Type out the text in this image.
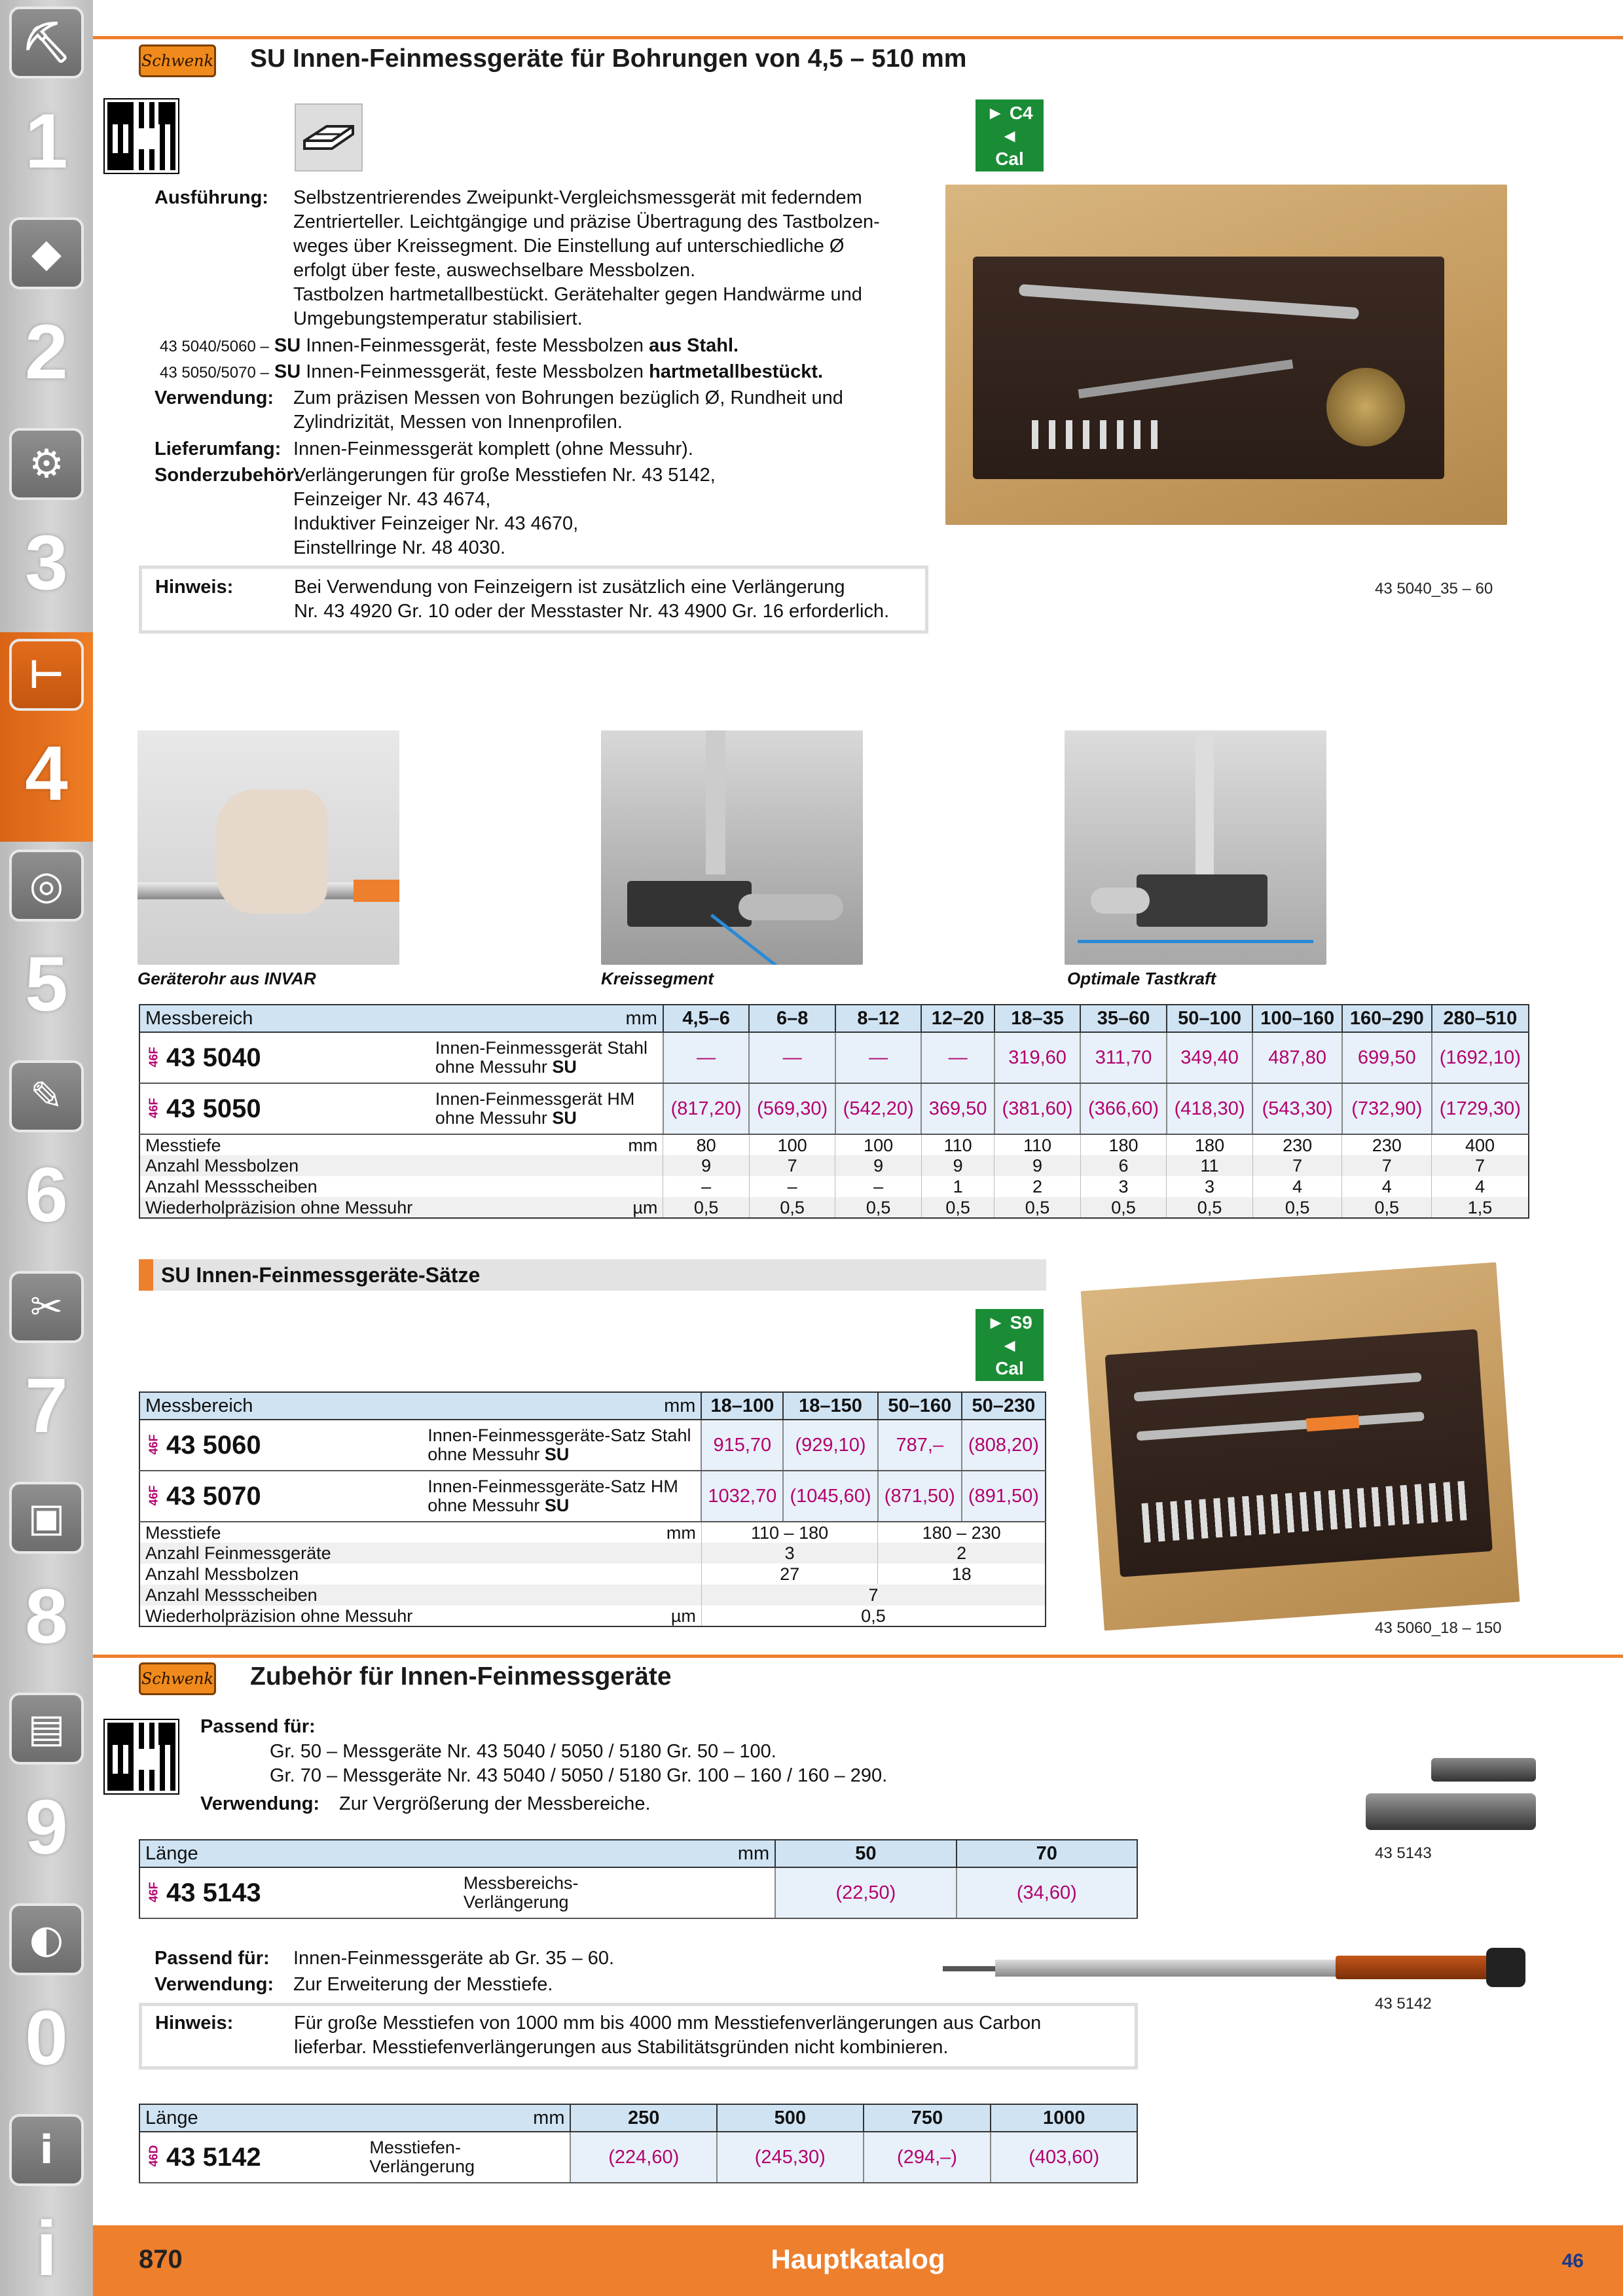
⛏
1
◆
2
⚙
3
⊢
4
◎
5
✎
6
✂
7
▣
8
▤
9
◐
0
i
i
Schwenk SU Innen-Feinmessgeräte für Bohrungen von 4,5 – 510 mm
► C4 ◄
Cal
Ausführung: Selbstzentrierendes Zweipunkt-Vergleichsmessgerät mit federndem
Zentrierteller. Leichtgängige und präzise Übertragung des Tastbolzen-
weges über Kreissegment. Die Einstellung auf unterschiedliche Ø
erfolgt über feste, auswechselbare Messbolzen.
Tastbolzen hartmetallbestückt. Gerätehalter gegen Handwärme und
Umgebungstemperatur stabilisiert.
43 5040/5060 – SU Innen-Feinmessgerät, feste Messbolzen aus Stahl.
43 5050/5070 – SU Innen-Feinmessgerät, feste Messbolzen hartmetallbestückt.
Verwendung: Zum präzisen Messen von Bohrungen bezüglich Ø, Rundheit und
Zylindrizität, Messen von Innenprofilen.
Lieferumfang: Innen-Feinmessgerät komplett (ohne Messuhr).
Sonderzubehör:
Verlängerungen für große Messtiefen Nr. 43 5142,
Feinzeiger Nr. 43 4674,
Induktiver Feinzeiger Nr. 43 4670,
Einstellringe Nr. 48 4030.
Hinweis:	Bei Verwendung von Feinzeigern ist zusätzlich eine Verlängerung
Nr. 43 4920 Gr. 10 oder der Messtaster Nr. 43 4900 Gr. 16 erforderlich.
43 5040_35 – 60
Geräterohr aus INVAR	Kreissegment	Optimale Tastkraft
Messbereich	mm	4,5–6	6–8	8–12	12–20	18–35	35–60	50–100	100–160	160–290	280–510
46F 43 5040	Innen-Feinmessgerät Stahl
ohne Messuhr SU	—	—	—	—	319,60	311,70	349,40	487,80	699,50	(1692,10)
46F 43 5050	Innen-Feinmessgerät HM
ohne Messuhr SU	(817,20)	(569,30)	(542,20)	369,50	(381,60)	(366,60)	(418,30)	(543,30)	(732,90)	(1729,30)
Messtiefe	mm	80	100	100	110	110	180	180	230	230	400
Anzahl Messbolzen		9	7	9	9	9	6	11	7	7	7
Anzahl Messscheiben		–	–	–	1	2	3	3	4	4	4
Wiederholpräzision ohne Messuhr	µm	0,5	0,5	0,5	0,5	0,5	0,5	0,5	0,5	0,5	1,5
SU Innen-Feinmessgeräte-Sätze
► S9 ◄
Cal
43 5060_18 – 150
Messbereich	mm	18–100	18–150	50–160	50–230
46F 43 5060	Innen-Feinmessgeräte-Satz Stahl
ohne Messuhr SU	915,70	(929,10)	787,–	(808,20)
46F 43 5070	Innen-Feinmessgeräte-Satz HM
ohne Messuhr SU	1032,70	(1045,60)	(871,50)	(891,50)
Messtiefe	mm	110 – 180		180 – 230	
Anzahl Feinmessgeräte		3		2	
Anzahl Messbolzen		27		18	
Anzahl Messscheiben		7			
Wiederholpräzision ohne Messuhr	µm	0,5			
Schwenk Zubehör für Innen-Feinmessgeräte
Passend für:
Gr. 50 – Messgeräte Nr. 43 5040 / 5050 / 5180 Gr. 50 – 100.
Gr. 70 – Messgeräte Nr. 43 5040 / 5050 / 5180 Gr. 100 – 160 / 160 – 290.
Verwendung: Zur Vergrößerung der Messbereiche.
43 5143
Länge	mm	50	70
46F 43 5143	Messbereichs-
Verlängerung	(22,50)	(34,60)
Passend für: Innen-Feinmessgeräte ab Gr. 35 – 60.
Verwendung: Zur Erweiterung der Messtiefe.
43 5142
Hinweis:	Für große Messtiefen von 1000 mm bis 4000 mm Messtiefenverlängerungen aus Carbon
lieferbar. Messtiefenverlängerungen aus Stabilitätsgründen nicht kombinieren.
Länge	mm	250	500	750	1000
46D 43 5142	Messtiefen-
Verlängerung	(224,60)	(245,30)	(294,–)	(403,60)
870	Hauptkatalog	46
